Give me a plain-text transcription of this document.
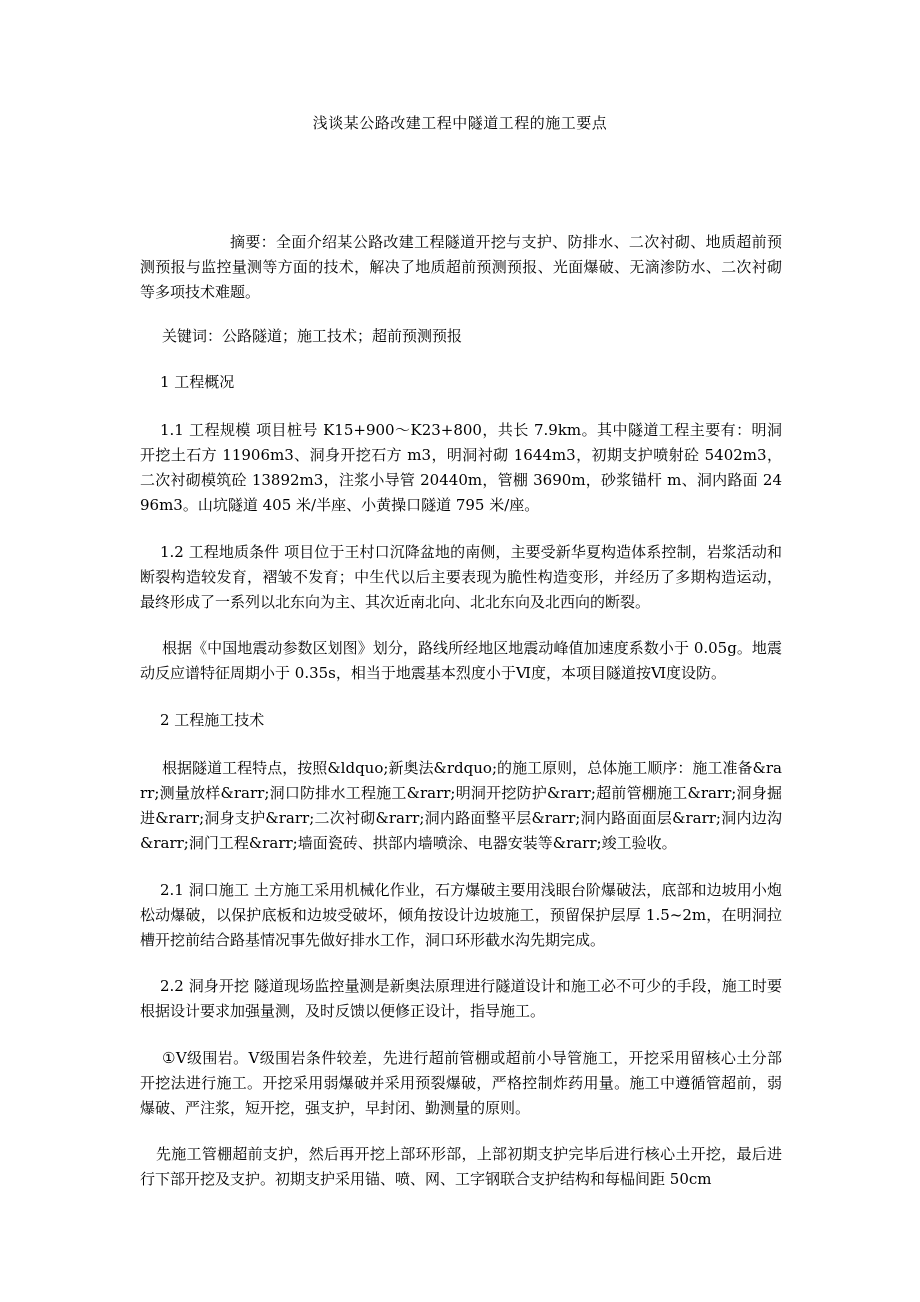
浅谈某公路改建工程中隧道工程的施工要点

摘要：全面介绍某公路改建工程隧道开挖与支护、防排水、二次衬砌、地质超前预测预报与监控量测等方面的技术，解决了地质超前预测预报、光面爆破、无滴渗防水、二次衬砌等多项技术难题。

关键词：公路隧道；施工技术；超前预测预报

1 工程概况

1.1 工程规模 项目桩号 K15+900～K23+800，共长 7.9km。其中隧道工程主要有：明洞开挖土石方 11906m3、洞身开挖石方 m3，明洞衬砌 1644m3，初期支护喷射砼 5402m3，二次衬砌模筑砼 13892m3，注浆小导管 20440m，管棚 3690m，砂浆锚杆 m、洞内路面 2496m3。山坑隧道 405 米/半座、小黄操口隧道 795 米/座。

1.2 工程地质条件 项目位于王村口沉降盆地的南侧，主要受新华夏构造体系控制，岩浆活动和断裂构造较发育，褶皱不发育；中生代以后主要表现为脆性构造变形，并经历了多期构造运动，最终形成了一系列以北东向为主、其次近南北向、北北东向及北西向的断裂。

根据《中国地震动参数区划图》划分，路线所经地区地震动峰值加速度系数小于 0.05g。地震动反应谱特征周期小于 0.35s，相当于地震基本烈度小于Ⅵ度，本项目隧道按Ⅵ度设防。

2 工程施工技术

根据隧道工程特点，按照&ldquo;新奥法&rdquo;的施工原则，总体施工顺序：施工准备&rarr;测量放样&rarr;洞口防排水工程施工&rarr;明洞开挖防护&rarr;超前管棚施工&rarr;洞身掘进&rarr;洞身支护&rarr;二次衬砌&rarr;洞内路面整平层&rarr;洞内路面面层&rarr;洞内边沟&rarr;洞门工程&rarr;墙面瓷砖、拱部内墙喷涂、电器安装等&rarr;竣工验收。

2.1 洞口施工 土方施工采用机械化作业，石方爆破主要用浅眼台阶爆破法，底部和边坡用小炮松动爆破，以保护底板和边坡受破坏，倾角按设计边坡施工，预留保护层厚 1.5~2m，在明洞拉槽开挖前结合路基情况事先做好排水工作，洞口环形截水沟先期完成。

2.2 洞身开挖 隧道现场监控量测是新奥法原理进行隧道设计和施工必不可少的手段，施工时要根据设计要求加强量测，及时反馈以便修正设计，指导施工。

①Ⅴ级围岩。Ⅴ级围岩条件较差，先进行超前管棚或超前小导管施工，开挖采用留核心土分部开挖法进行施工。开挖采用弱爆破并采用预裂爆破，严格控制炸药用量。施工中遵循管超前，弱爆破、严注浆，短开挖，强支护，早封闭、勤测量的原则。

先施工管棚超前支护，然后再开挖上部环形部，上部初期支护完毕后进行核心土开挖，最后进行下部开挖及支护。初期支护采用锚、喷、网、工字钢联合支护结构和每榀间距 50cm
